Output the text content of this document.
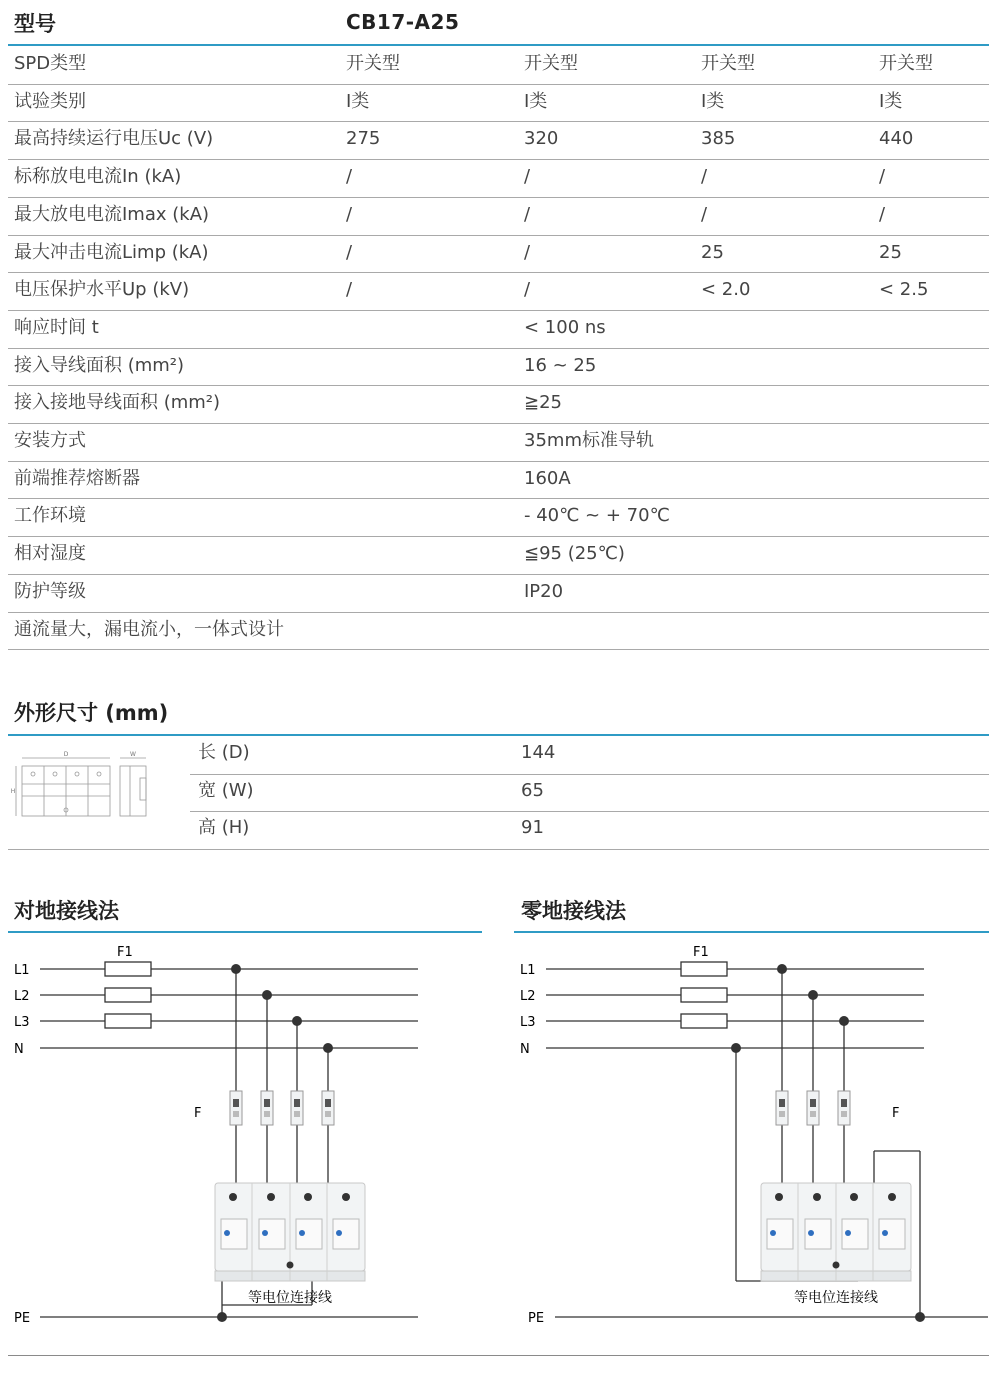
型号	CB17-A25
SPD类型	开关型	开关型	开关型	开关型
试验类别	Ⅰ类	Ⅰ类	Ⅰ类	Ⅰ类
最高持续运行电压Uc (V)	275	320	385	440
标称放电电流In (kA)	/	/	/	/
最大放电电流Imax (kA)	/	/	/	/
最大冲击电流Limp (kA)	/	/	25	25
电压保护水平Up (kV)	/	/	< 2.0	< 2.5
响应时间 t	< 100 ns
接入导线面积 (mm²)	16 ~ 25
接入接地导线面积 (mm²)	≧25
安装方式	35mm标准导轨
前端推荐熔断器	160A
工作环境	- 40℃ ~ + 70℃
相对湿度	≦95 (25℃)
防护等级	IP20
通流量大，漏电流小，一体式设计
外形尺寸 (mm)
D	W
H
长 (D)	144
宽 (W)	65
高 (H)	91
对地接线法	零地接线法
L1
L2
L3
N
F1
F
PE
等电位连接线
L1
L2
L3
N
F1
F
PE
等电位连接线
